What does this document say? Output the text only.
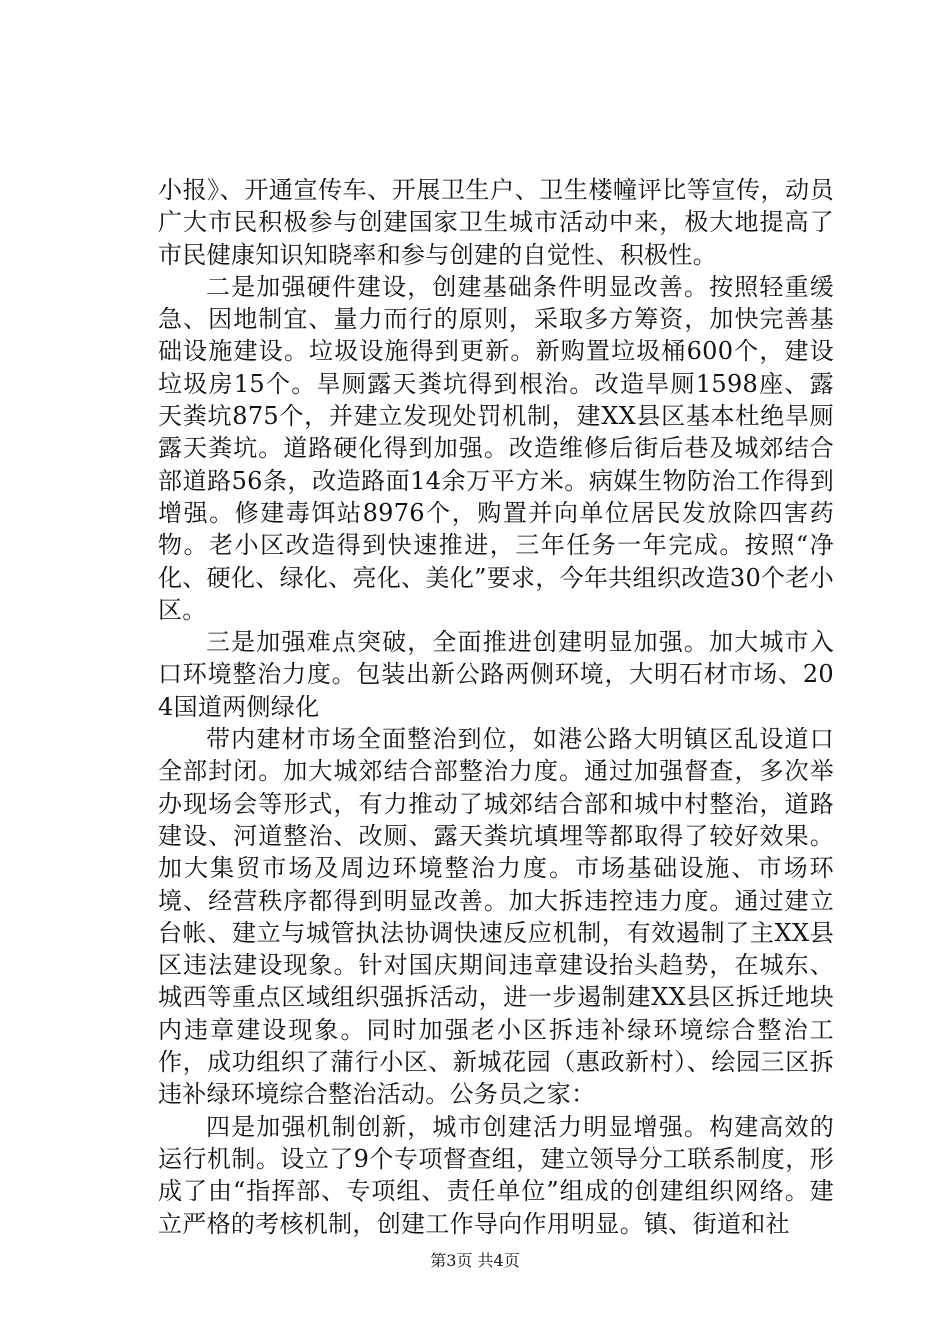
小报》、开通宣传车、开展卫生户、卫生楼幢评比等宣传，动员广大市民积极参与创建国家卫生城市活动中来，极大地提高了市民健康知识知晓率和参与创建的自觉性、积极性。

二是加强硬件建设，创建基础条件明显改善。按照轻重缓急、因地制宜、量力而行的原则，采取多方筹资，加快完善基础设施建设。垃圾设施得到更新。新购置垃圾桶600个，建设垃圾房15个。旱厕露天粪坑得到根治。改造旱厕1598座、露天粪坑875个，并建立发现处罚机制，建XX县区基本杜绝旱厕露天粪坑。道路硬化得到加强。改造维修后街后巷及城郊结合部道路56条，改造路面14余万平方米。病媒生物防治工作得到增强。修建毒饵站8976个，购置并向单位居民发放除四害药物。老小区改造得到快速推进，三年任务一年完成。按照“净化、硬化、绿化、亮化、美化”要求，今年共组织改造30个老小区。

三是加强难点突破，全面推进创建明显加强。加大城市入口环境整治力度。包装出新公路两侧环境，大明石材市场、204国道两侧绿化

带内建材市场全面整治到位，如港公路大明镇区乱设道口全部封闭。加大城郊结合部整治力度。通过加强督查，多次举办现场会等形式，有力推动了城郊结合部和城中村整治，道路建设、河道整治、改厕、露天粪坑填埋等都取得了较好效果。加大集贸市场及周边环境整治力度。市场基础设施、市场环境、经营秩序都得到明显改善。加大拆违控违力度。通过建立台帐、建立与城管执法协调快速反应机制，有效遏制了主XX县区违法建设现象。针对国庆期间违章建设抬头趋势，在城东、城西等重点区域组织强拆活动，进一步遏制建XX县区拆迁地块内违章建设现象。同时加强老小区拆违补绿环境综合整治工作，成功组织了蒲行小区、新城花园（惠政新村）、绘园三区拆违补绿环境综合整治活动。公务员之家：

四是加强机制创新，城市创建活力明显增强。构建高效的运行机制。设立了9个专项督查组，建立领导分工联系制度，形成了由“指挥部、专项组、责任单位”组成的创建组织网络。建立严格的考核机制，创建工作导向作用明显。镇、街道和社

第3页 共4页
